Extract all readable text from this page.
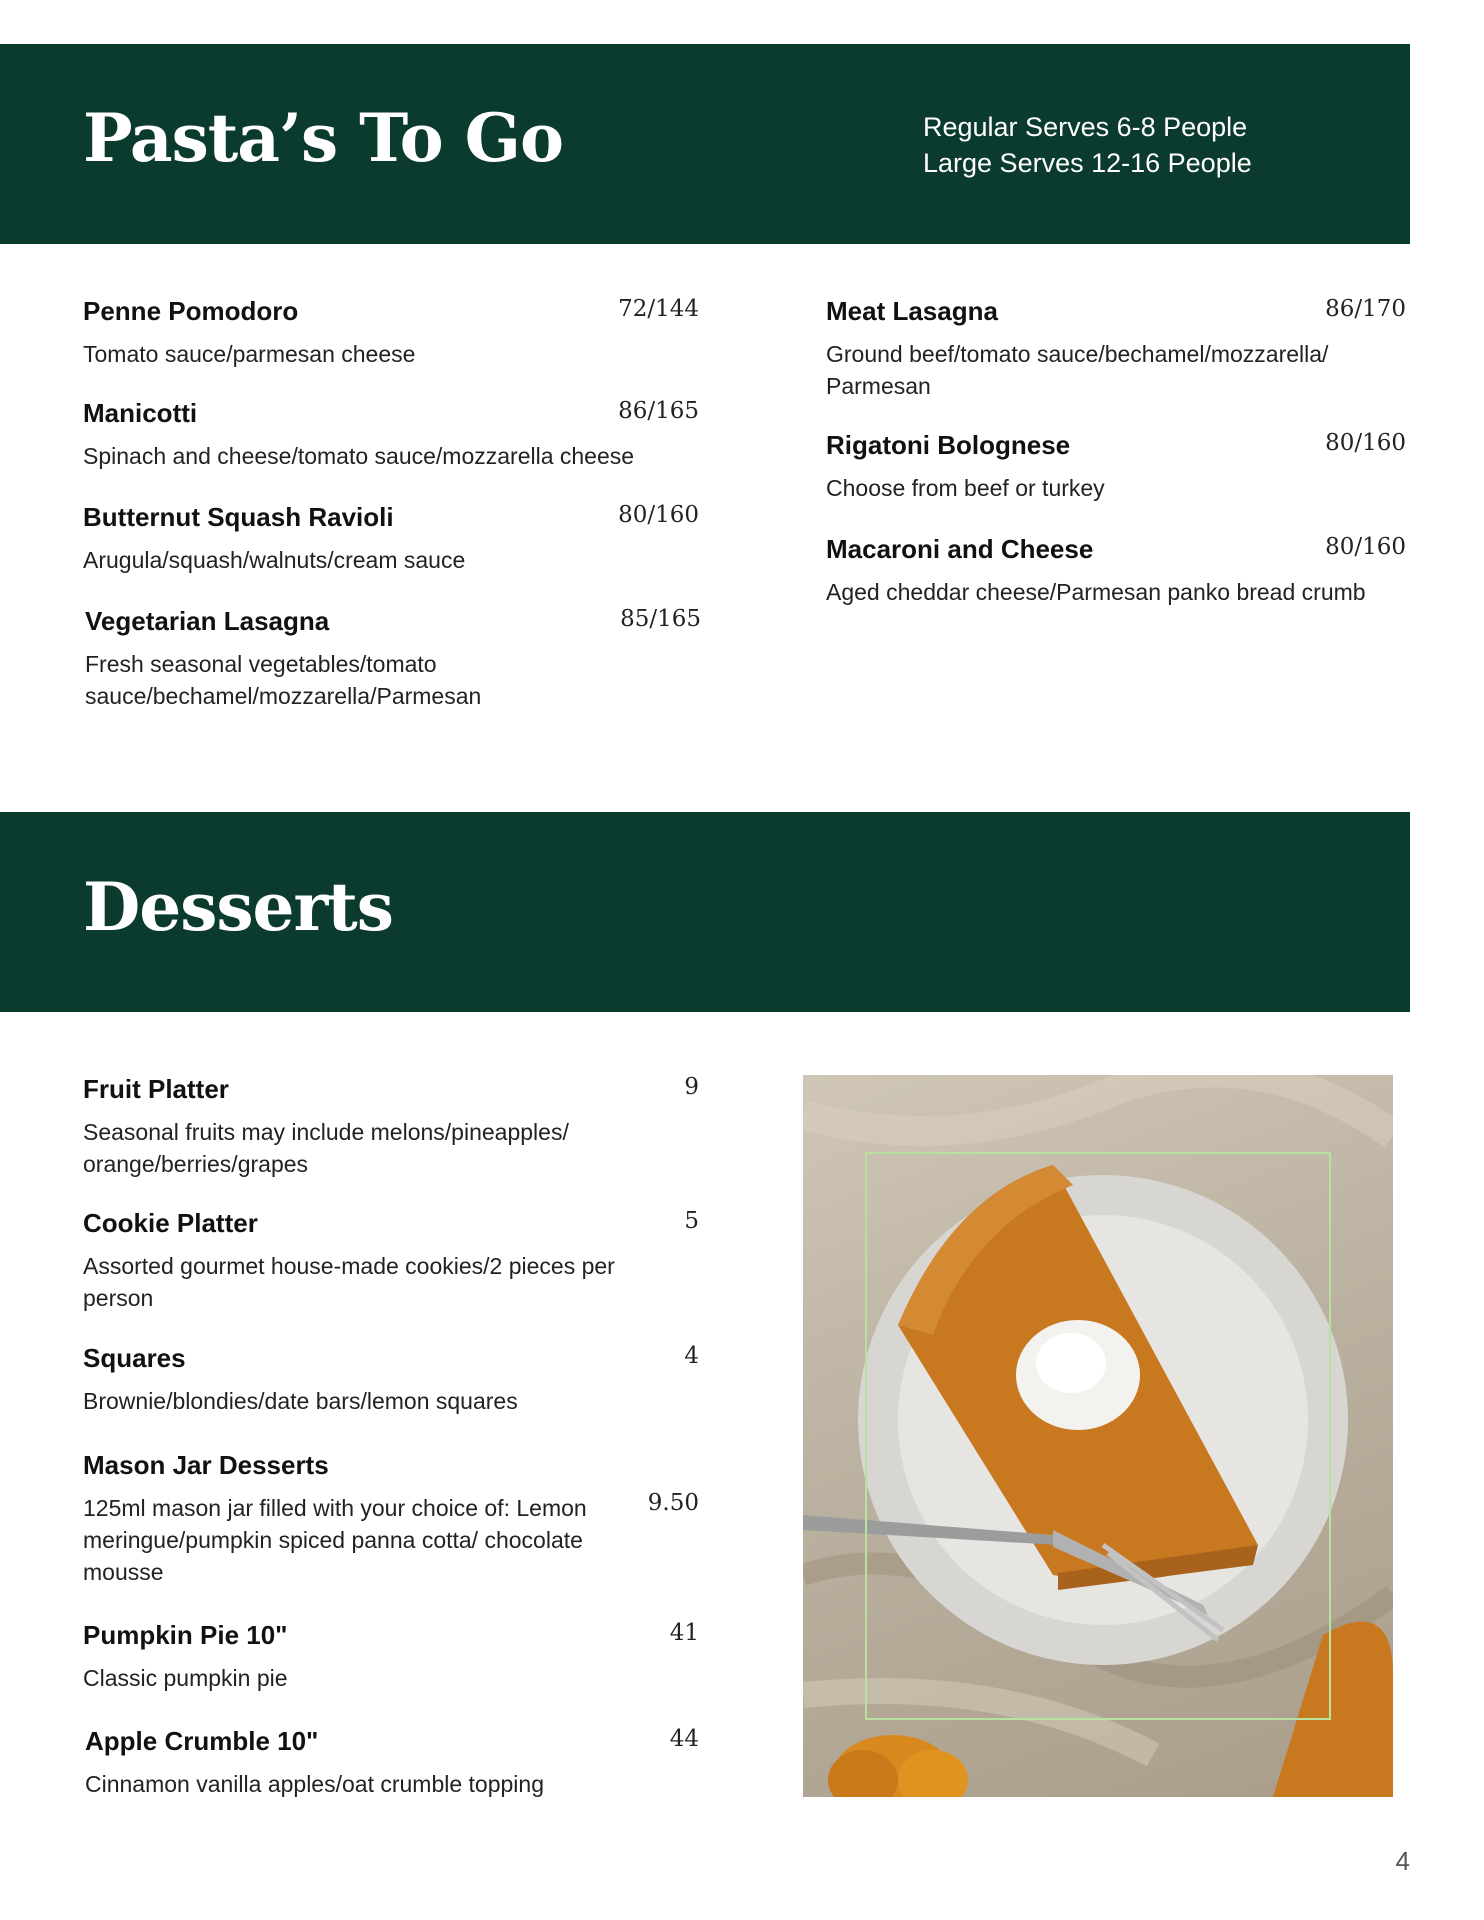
Pasta’s To Go	Regular Serves 6-8 People
Large Serves 12-16 People
Penne Pomodoro	72/144
Tomato sauce/parmesan cheese
Manicotti	86/165
Spinach and cheese/tomato sauce/mozzarella cheese
Butternut Squash Ravioli	80/160
Arugula/squash/walnuts/cream sauce
Vegetarian Lasagna	85/165
Fresh seasonal vegetables/tomato sauce/bechamel/mozzarella/Parmesan
Meat Lasagna	86/170
Ground beef/tomato sauce/bechamel/mozzarella/ Parmesan
Rigatoni Bolognese	80/160
Choose from beef or turkey
Macaroni and Cheese	80/160
Aged cheddar cheese/Parmesan panko bread crumb
Desserts
Fruit Platter	9
Seasonal fruits may include melons/pineapples/ orange/berries/grapes
Cookie Platter	5
Assorted gourmet house-made cookies/2 pieces per person
Squares	4
Brownie/blondies/date bars/lemon squares
Mason Jar Desserts
9.50
125ml mason jar filled with your choice of: Lemon meringue/pumpkin spiced panna cotta/ chocolate mousse
Pumpkin Pie 10"	41
Classic pumpkin pie
Apple Crumble 10"	44
Cinnamon vanilla apples/oat crumble topping
4
